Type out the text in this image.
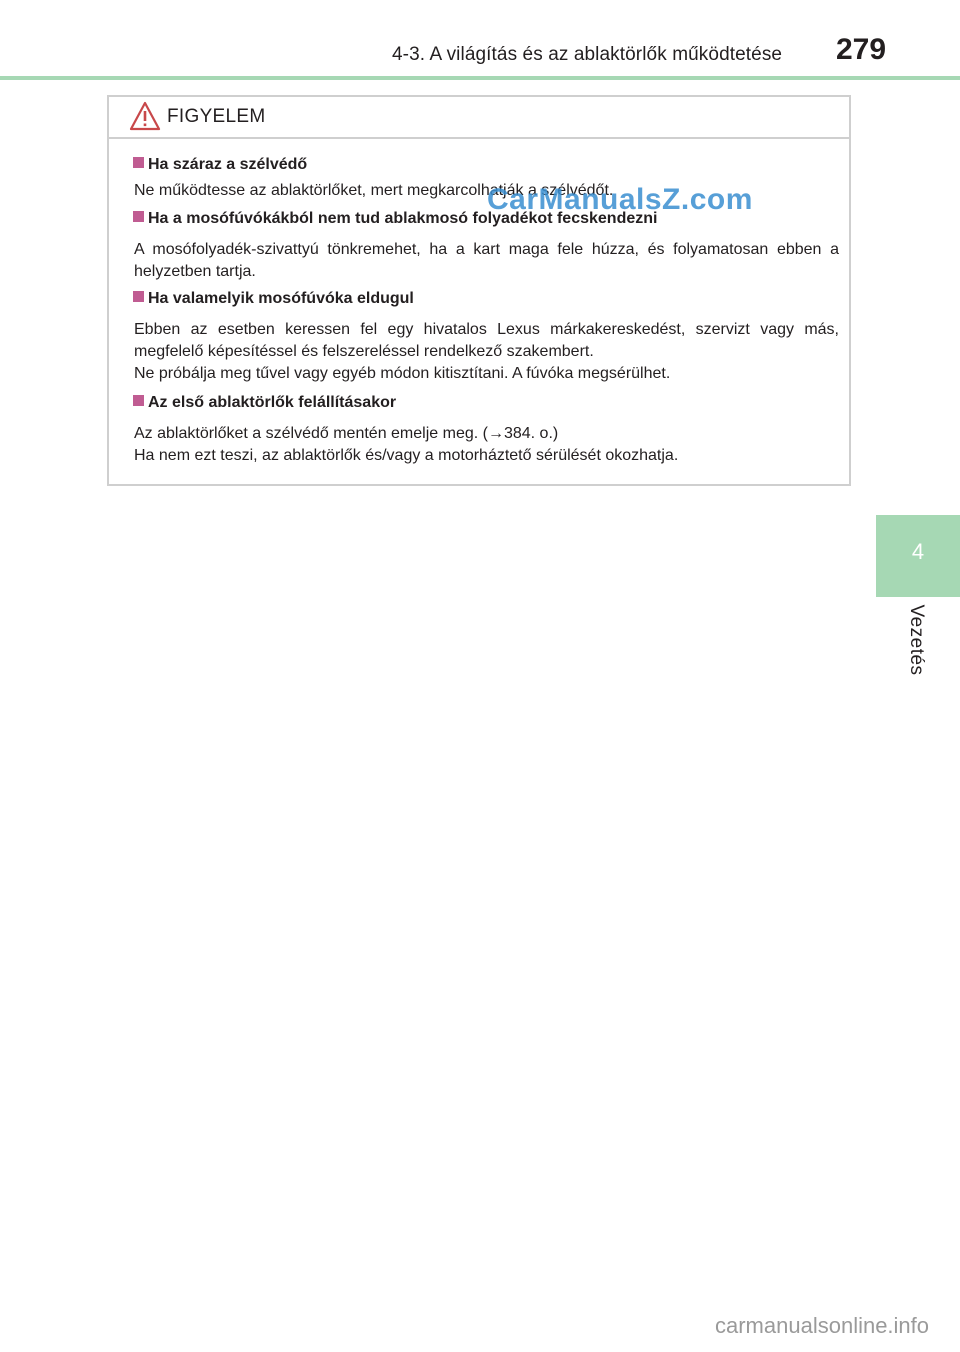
4-3. A világítás és az ablaktörlők működtetése 279
4
Vezetés
FIGYELEM
Ha száraz a szélvédő

Ne működtesse az ablaktörlőket, mert megkarcolhatják a szélvédőt.

Ha a mosófúvókákból nem tud ablakmosó folyadékot fecskendezni

A mosófolyadék-szivattyú tönkremehet, ha a kart maga fele húzza, és folyamatosan ebben a helyzetben tartja.

Ha valamelyik mosófúvóka eldugul

Ebben az esetben keressen fel egy hivatalos Lexus márkakereskedést, szervizt vagy más, megfelelő képesítéssel és felszereléssel rendelkező szakembert.

Ne próbálja meg tűvel vagy egyéb módon kitisztítani. A fúvóka megsérülhet.

Az első ablaktörlők felállításakor

Az ablaktörlőket a szélvédő mentén emelje meg. (→384. o.)

Ha nem ezt teszi, az ablaktörlők és/vagy a motorháztető sérülését okozhatja.

CarManualsZ.com
carmanualsonline.info
